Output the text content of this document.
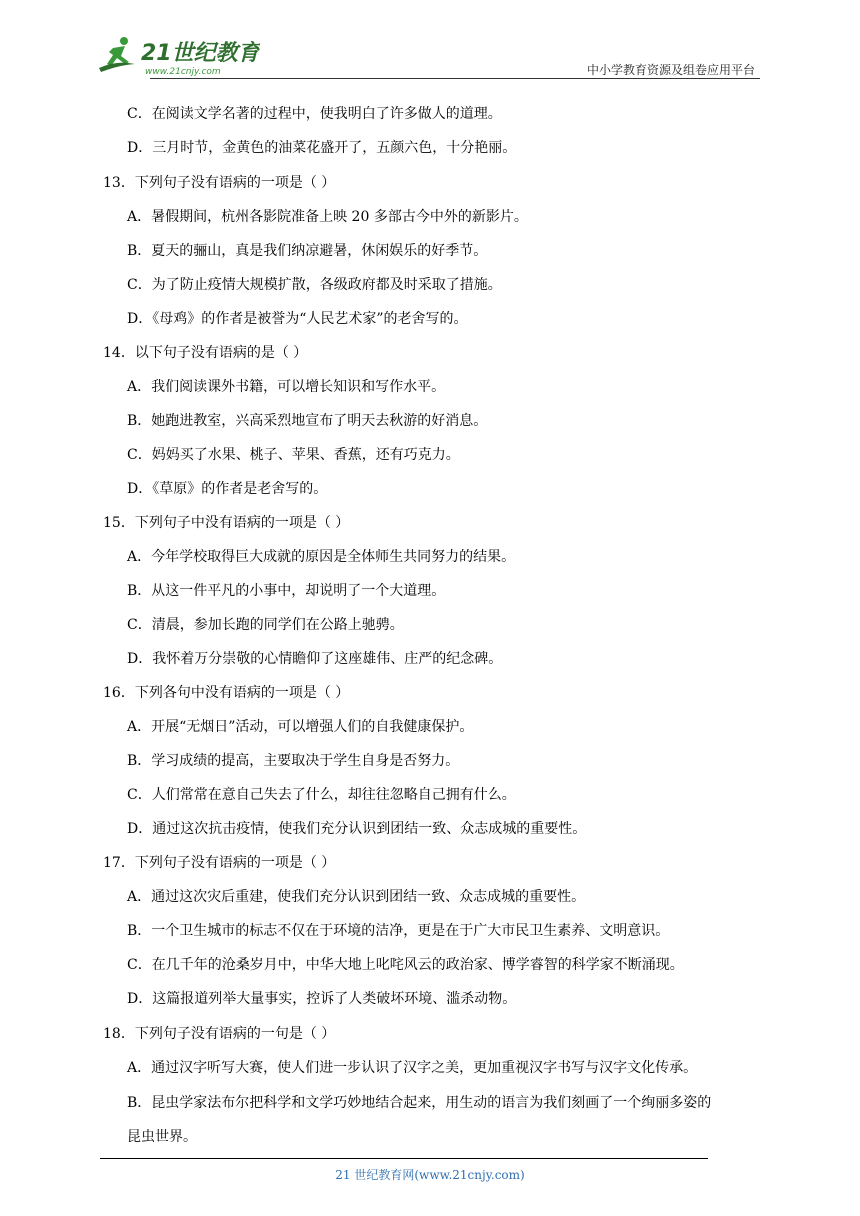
21世纪教育
www.21cnjy.com	中小学教育资源及组卷应用平台
C．在阅读文学名著的过程中，使我明白了许多做人的道理。
D．三月时节，金黄色的油菜花盛开了，五颜六色，十分艳丽。
13．下列句子没有语病的一项是（ ）
A．暑假期间，杭州各影院准备上映 20 多部古今中外的新影片。
B．夏天的骊山，真是我们纳凉避暑，休闲娱乐的好季节。
C．为了防止疫情大规模扩散，各级政府都及时采取了措施。
D．《母鸡》的作者是被誉为“人民艺术家”的老舍写的。
14．以下句子没有语病的是（ ）
A．我们阅读课外书籍，可以增长知识和写作水平。
B．她跑进教室，兴高采烈地宣布了明天去秋游的好消息。
C．妈妈买了水果、桃子、苹果、香蕉，还有巧克力。
D．《草原》的作者是老舍写的。
15．下列句子中没有语病的一项是（ ）
A．今年学校取得巨大成就的原因是全体师生共同努力的结果。
B．从这一件平凡的小事中，却说明了一个大道理。
C．清晨，参加长跑的同学们在公路上驰骋。
D．我怀着万分崇敬的心情瞻仰了这座雄伟、庄严的纪念碑。
16．下列各句中没有语病的一项是（ ）
A．开展“无烟日”活动，可以增强人们的自我健康保护。
B．学习成绩的提高，主要取决于学生自身是否努力。
C．人们常常在意自己失去了什么，却往往忽略自己拥有什么。
D．通过这次抗击疫情，使我们充分认识到团结一致、众志成城的重要性。
17．下列句子没有语病的一项是（ ）
A．通过这次灾后重建，使我们充分认识到团结一致、众志成城的重要性。
B．一个卫生城市的标志不仅在于环境的洁净，更是在于广大市民卫生素养、文明意识。
C．在几千年的沧桑岁月中，中华大地上叱咤风云的政治家、博学睿智的科学家不断涌现。
D．这篇报道列举大量事实，控诉了人类破坏环境、滥杀动物。
18．下列句子没有语病的一句是（ ）
A．通过汉字听写大赛，使人们进一步认识了汉字之美，更加重视汉字书写与汉字文化传承。
B．昆虫学家法布尔把科学和文学巧妙地结合起来，用生动的语言为我们刻画了一个绚丽多姿的
昆虫世界。
21 世纪教育网(www.21cnjy.com)
